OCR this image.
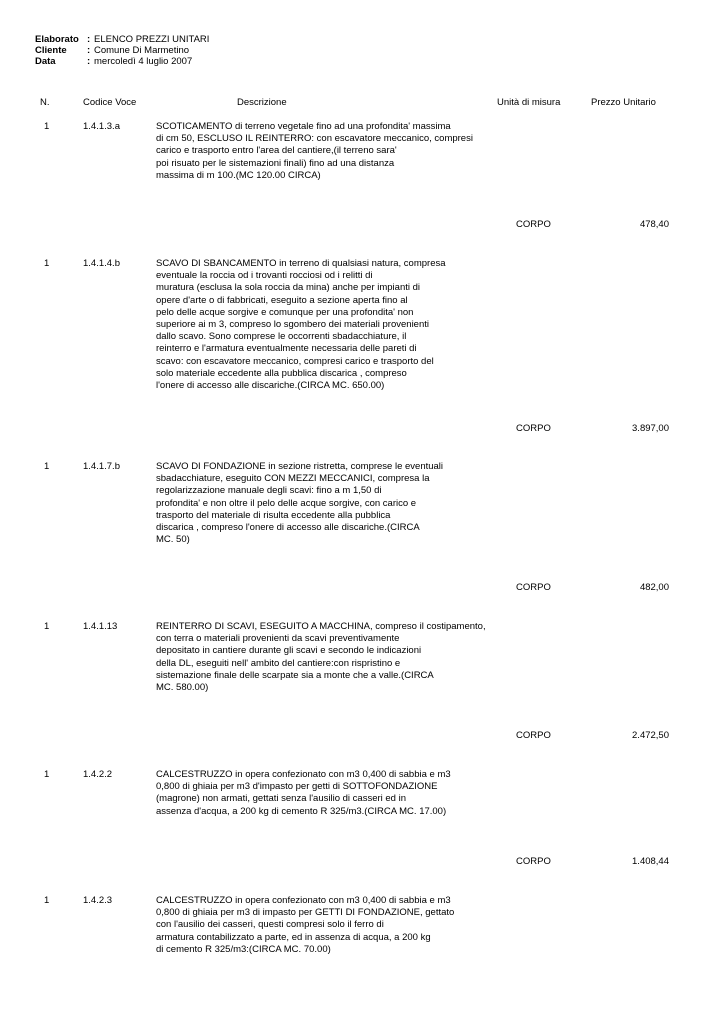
Elaborato : ELENCO PREZZI UNITARI
Cliente : Comune Di Marmetino
Data	: mercoledì 4 luglio 2007
N.	Codice Voce	Descrizione	Unità di misura	Prezzo Unitario
1	1.4.1.3.a	SCOTICAMENTO di terreno vegetale fino ad una profondita' massima
di cm 50, ESCLUSO IL REINTERRO: con escavatore meccanico, compresi
carico e trasporto entro l'area del cantiere,(il terreno sara'
poi risuato per le sistemazioni finali) fino ad una distanza
massima di m 100.(MC 120.00 CIRCA)
CORPO	478,40
1	1.4.1.4.b	SCAVO DI SBANCAMENTO in terreno di qualsiasi natura, compresa
eventuale la roccia od i trovanti rocciosi od i relitti di
muratura (esclusa la sola roccia da mina) anche per impianti di
opere d'arte o di fabbricati, eseguito a sezione aperta fino al
pelo delle acque sorgive e comunque per una profondita' non
superiore ai m 3, compreso lo sgombero dei materiali provenienti
dallo scavo. Sono comprese le occorrenti sbadacchiature, il
reinterro e l'armatura eventualmente necessaria delle pareti di
scavo: con escavatore meccanico, compresi carico e trasporto del
solo materiale eccedente alla pubblica discarica , compreso
l'onere di accesso alle discariche.(CIRCA MC. 650.00)
CORPO	3.897,00
1	1.4.1.7.b	SCAVO DI FONDAZIONE in sezione ristretta, comprese le eventuali
sbadacchiature, eseguito CON MEZZI MECCANICI, compresa la
regolarizzazione manuale degli scavi: fino a m 1,50 di
profondita' e non oltre il pelo delle acque sorgive, con carico e
trasporto del materiale di risulta eccedente alla pubblica
discarica , compreso l'onere di accesso alle discariche.(CIRCA
MC. 50)
CORPO	482,00
1	1.4.1.13	REINTERRO DI SCAVI, ESEGUITO A MACCHINA, compreso il costipamento,
con terra o materiali provenienti da scavi preventivamente
depositato in cantiere durante gli scavi e secondo le indicazioni
della DL, eseguiti nell' ambito del cantiere:con rispristino e
sistemazione finale delle scarpate sia a monte che a valle.(CIRCA
MC. 580.00)
CORPO	2.472,50
1	1.4.2.2	CALCESTRUZZO in opera confezionato con m3 0,400 di sabbia e m3
0,800 di ghiaia per m3 d'impasto per getti di SOTTOFONDAZIONE
(magrone) non armati, gettati senza l'ausilio di casseri ed in
assenza d'acqua, a 200 kg di cemento R 325/m3.(CIRCA MC. 17.00)
CORPO	1.408,44
1	1.4.2.3	CALCESTRUZZO in opera confezionato con m3 0,400 di sabbia e m3
0,800 di ghiaia per m3 di impasto per GETTI DI FONDAZIONE, gettato
con l'ausilio dei casseri, questi compresi solo il ferro di
armatura contabilizzato a parte, ed in assenza di acqua, a 200 kg
di cemento R 325/m3:(CIRCA MC. 70.00)
